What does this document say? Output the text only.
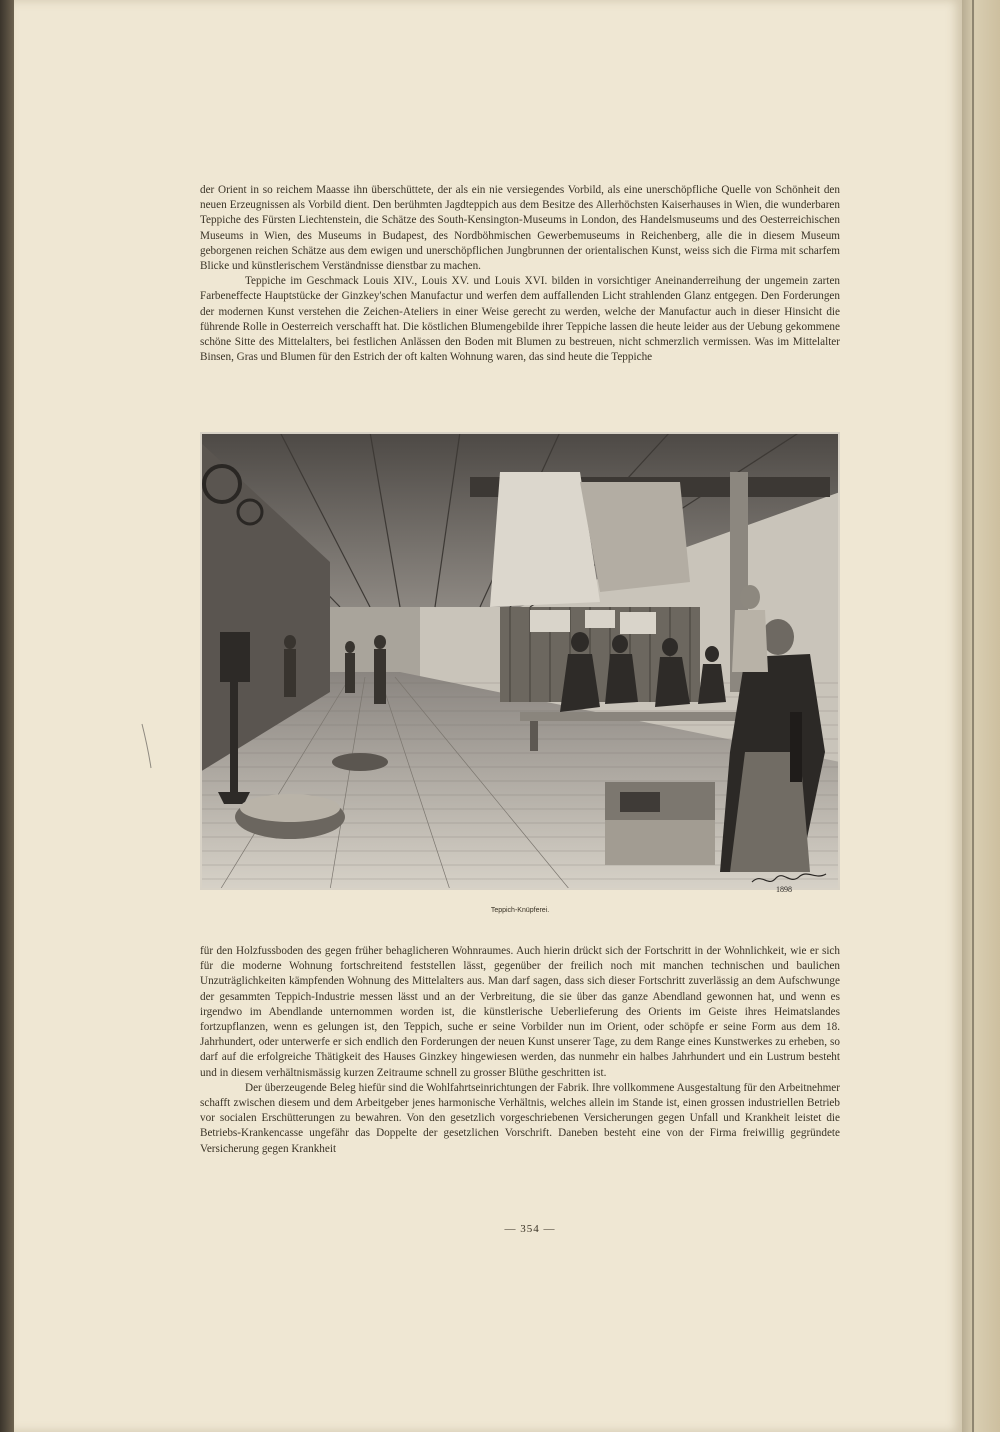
der Orient in so reichem Maasse ihn überschüttete, der als ein nie versiegendes Vorbild, als eine unerschöpfliche Quelle von Schönheit den neuen Erzeugnissen als Vorbild dient. Den berühmten Jagdteppich aus dem Besitze des Allerhöchsten Kaiserhauses in Wien, die wunderbaren Teppiche des Fürsten Liechtenstein, die Schätze des South-Kensington-Museums in London, des Handelsmuseums und des Oesterreichischen Museums in Wien, des Museums in Budapest, des Nordböhmischen Gewerbemuseums in Reichenberg, alle die in diesem Museum geborgenen reichen Schätze aus dem ewigen und unerschöpflichen Jungbrunnen der orientalischen Kunst, weiss sich die Firma mit scharfem Blicke und künstlerischem Verständnisse dienstbar zu machen.

Teppiche im Geschmack Louis XIV., Louis XV. und Louis XVI. bilden in vorsichtiger Aneinanderreihung der ungemein zarten Farbeneffecte Hauptstücke der Ginzkey'schen Manufactur und werfen dem auffallenden Licht strahlenden Glanz entgegen. Den Forderungen der modernen Kunst verstehen die Zeichen-Ateliers in einer Weise gerecht zu werden, welche der Manufactur auch in dieser Hinsicht die führende Rolle in Oesterreich verschafft hat. Die köstlichen Blumengebilde ihrer Teppiche lassen die heute leider aus der Uebung gekommene schöne Sitte des Mittelalters, bei festlichen Anlässen den Boden mit Blumen zu bestreuen, nicht schmerzlich vermissen. Was im Mittelalter Binsen, Gras und Blumen für den Estrich der oft kalten Wohnung waren, das sind heute die Teppiche

1898
Teppich-Knüpferei.

für den Holzfussboden des gegen früher behaglicheren Wohnraumes. Auch hierin drückt sich der Fortschritt in der Wohnlichkeit, wie er sich für die moderne Wohnung fortschreitend feststellen lässt, gegenüber der freilich noch mit manchen technischen und baulichen Unzuträglichkeiten kämpfenden Wohnung des Mittelalters aus. Man darf sagen, dass sich dieser Fortschritt zuverlässig an dem Aufschwunge der gesammten Teppich-Industrie messen lässt und an der Verbreitung, die sie über das ganze Abendland gewonnen hat, und wenn es irgendwo im Abendlande unternommen worden ist, die künstlerische Ueberlieferung des Orients im Geiste ihres Heimatslandes fortzupflanzen, wenn es gelungen ist, den Teppich, suche er seine Vorbilder nun im Orient, oder schöpfe er seine Form aus dem 18. Jahrhundert, oder unterwerfe er sich endlich den Forderungen der neuen Kunst unserer Tage, zu dem Range eines Kunstwerkes zu erheben, so darf auf die erfolgreiche Thätigkeit des Hauses Ginzkey hingewiesen werden, das nunmehr ein halbes Jahrhundert und ein Lustrum besteht und in diesem verhältnismässig kurzen Zeitraume schnell zu grosser Blüthe geschritten ist.

Der überzeugende Beleg hiefür sind die Wohlfahrtseinrichtungen der Fabrik. Ihre vollkommene Ausgestaltung für den Arbeitnehmer schafft zwischen diesem und dem Arbeitgeber jenes harmonische Verhältnis, welches allein im Stande ist, einen grossen industriellen Betrieb vor socialen Erschütterungen zu bewahren. Von den gesetzlich vorgeschriebenen Versicherungen gegen Unfall und Krankheit leistet die Betriebs-Krankencasse ungefähr das Doppelte der gesetzlichen Vorschrift. Daneben besteht eine von der Firma freiwillig gegründete Versicherung gegen Krankheit

— 354 —
